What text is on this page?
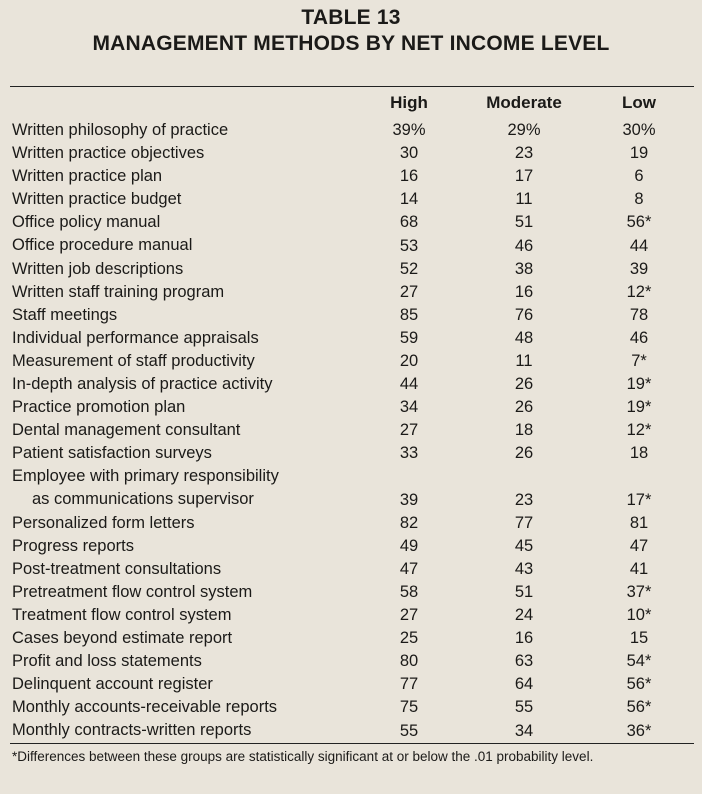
TABLE 13
MANAGEMENT METHODS BY NET INCOME LEVEL
High	Moderate	Low
Written philosophy of practice	39%	29%	30%
Written practice objectives	30	23	19
Written practice plan	16	17	6
Written practice budget	14	11	8
Office policy manual	68	51	56*
Office procedure manual	53	46	44
Written job descriptions	52	38	39
Written staff training program	27	16	12*
Staff meetings	85	76	78
Individual performance appraisals	59	48	46
Measurement of staff productivity	20	11	7*
In-depth analysis of practice activity	44	26	19*
Practice promotion plan	34	26	19*
Dental management consultant	27	18	12*
Patient satisfaction surveys	33	26	18
Employee with primary responsibility
as communications supervisor	39	23	17*
Personalized form letters	82	77	81
Progress reports	49	45	47
Post-treatment consultations	47	43	41
Pretreatment flow control system	58	51	37*
Treatment flow control system	27	24	10*
Cases beyond estimate report	25	16	15
Profit and loss statements	80	63	54*
Delinquent account register	77	64	56*
Monthly accounts-receivable reports	75	55	56*
Monthly contracts-written reports	55	34	36*
*Differences between these groups are statistically significant at or below the .01 probability level.
